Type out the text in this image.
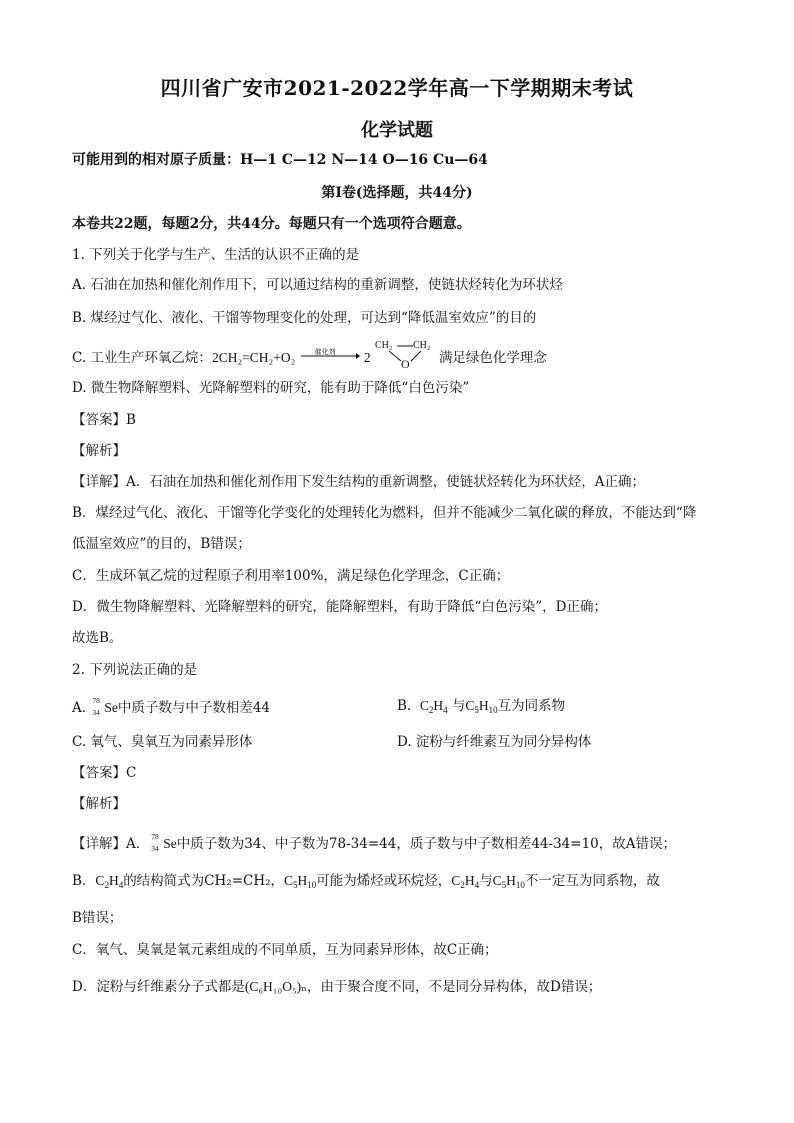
四川省广安市2021-2022学年高一下学期期末考试
化学试题
可能用到的相对原子质量：H—1 C—12 N—14 O—16 Cu—64
第I卷(选择题，共44分)
本卷共22题，每题2分，共44分。每题只有一个选项符合题意。
1. 下列关于化学与生产、生活的认识不正确的是
A. 石油在加热和催化剂作用下，可以通过结构的重新调整，使链状烃转化为环状烃
B. 煤经过气化、液化、干馏等物理变化的处理，可达到“降低温室效应”的目的
C. 工业生产环氧乙烷：2CH₂=CH₂+O₂	催化剂 2
CH₂ CH₂
O 满足绿色化学理念
D. 微生物降解塑料、光降解塑料的研究，能有助于降低“白色污染”
【答案】B
【解析】
【详解】A．石油在加热和催化剂作用下发生结构的重新调整，使链状烃转化为环状烃，A正确；
B．煤经过气化、液化、干馏等化学变化的处理转化为燃料，但并不能减少二氧化碳的释放，不能达到“降
低温室效应”的目的，B错误；
C．生成环氧乙烷的过程原子利用率100%，满足绿色化学理念，C正确；
D．微生物降解塑料、光降解塑料的研究，能降解塑料，有助于降低“白色污染”，D正确；
故选B。
2. 下列说法正确的是
A. 78
34 Se中质子数与中子数相差44	B. $C_2H_4$ 与$C_5H_{10}$互为同系物
C. 氧气、臭氧互为同素异形体	D. 淀粉与纤维素互为同分异构体
【答案】C
【解析】
【详解】A． 78
34 Se中质子数为34、中子数为78-34=44，质子数与中子数相差44-34=10，故A错误；
B．$C_2H_4$的结构简式为CH₂=CH₂，$C_5H_{10}$可能为烯烃或环烷烃，$C_2H_4$与$C_5H_{10}$不一定互为同系物，故
B错误；
C．氧气、臭氧是氧元素组成的不同单质，互为同素异形体，故C正确；
D．淀粉与纤维素分子式都是(C₆H₁₀O₅)ₙ，由于聚合度不同，不是同分异构体，故D错误；
